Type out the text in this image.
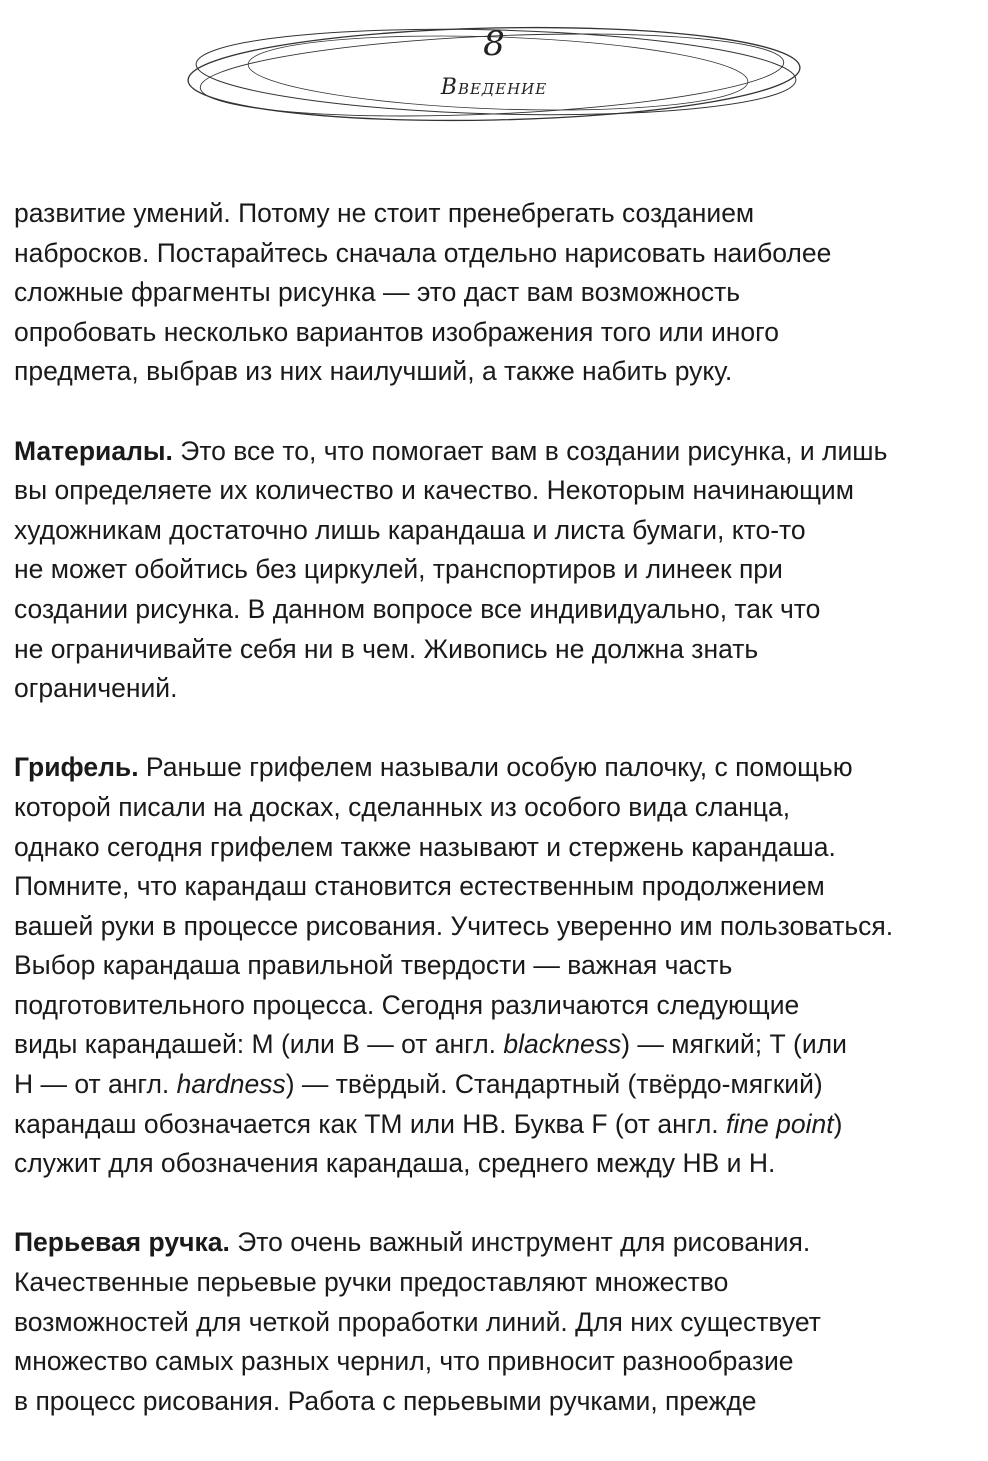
8
Введение
развитие умений. Потому не стоит пренебрегать созданием
набросков. Постарайтесь сначала отдельно нарисовать наиболее
сложные фрагменты рисунка — это даст вам возможность
опробовать несколько вариантов изображения того или иного
предмета, выбрав из них наилучший, а также набить руку.
Материалы. Это все то, что помогает вам в создании рисунка, и лишь
вы определяете их количество и качество. Некоторым начинающим
художникам достаточно лишь карандаша и листа бумаги, кто-то
не может обойтись без циркулей, транспортиров и линеек при
создании рисунка. В данном вопросе все индивидуально, так что
не ограничивайте себя ни в чем. Живопись не должна знать
ограничений.
Грифель. Раньше грифелем называли особую палочку, с помощью
которой писали на досках, сделанных из особого вида сланца,
однако сегодня грифелем также называют и стержень карандаша.
Помните, что карандаш становится естественным продолжением
вашей руки в процессе рисования. Учитесь уверенно им пользоваться.
Выбор карандаша правильной твердости — важная часть
подготовительного процесса. Сегодня различаются следующие
виды карандашей: М (или В — от англ. blackness) — мягкий; Т (или
Н — от англ. hardness) — твёрдый. Стандартный (твёрдо-мягкий)
карандаш обозначается как ТМ или НВ. Буква F (от англ. fine point)
служит для обозначения карандаша, среднего между НВ и Н.
Перьевая ручка. Это очень важный инструмент для рисования.
Качественные перьевые ручки предоставляют множество
возможностей для четкой проработки линий. Для них существует
множество самых разных чернил, что привносит разнообразие
в процесс рисования. Работа с перьевыми ручками, прежде
